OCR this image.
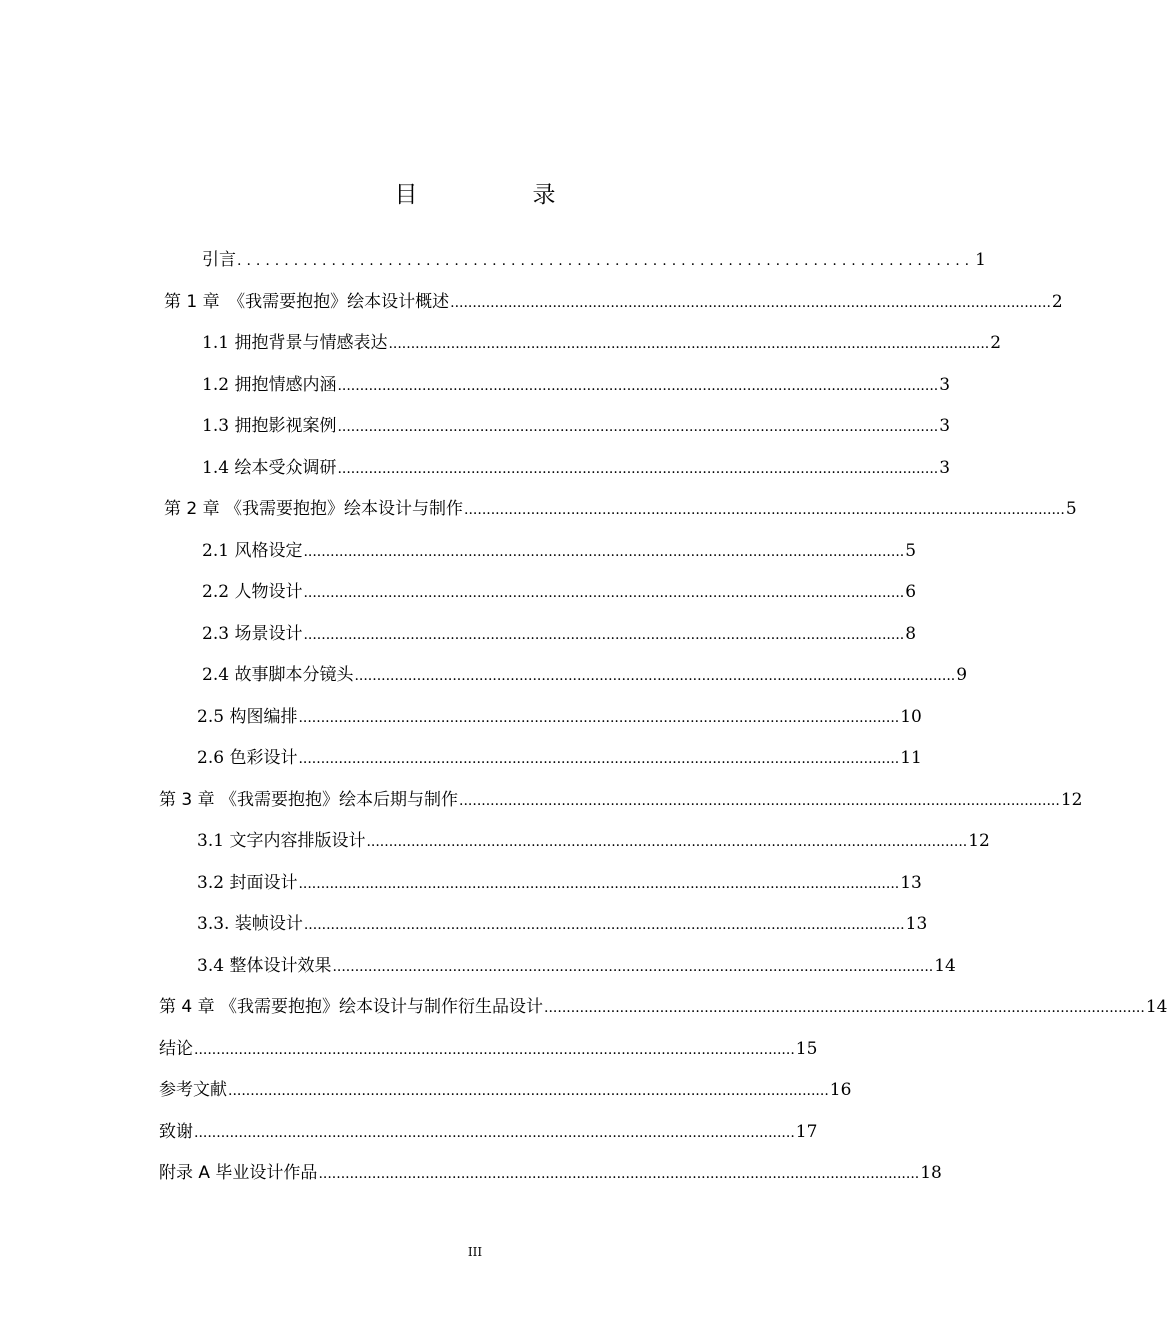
目　录
引言 .............................................................................. 1
第 1 章　《我需要抱抱》绘本设计概述 ....................................................................................................................................... 2
1.1 拥抱背景与情感表达 ....................................................................................................................................... 2
1.2 拥抱情感内涵 ....................................................................................................................................... 3
1.3 拥抱影视案例 ....................................................................................................................................... 3
1.4 绘本受众调研 ....................................................................................................................................... 3
第 2 章 《我需要抱抱》绘本设计与制作 ....................................................................................................................................... 5
2.1 风格设定 ....................................................................................................................................... 5
2.2 人物设计 ....................................................................................................................................... 6
2.3 场景设计 ....................................................................................................................................... 8
2.4 故事脚本分镜头 ....................................................................................................................................... 9
2.5 构图编排 ....................................................................................................................................... 10
2.6 色彩设计 ....................................................................................................................................... 11
第 3 章 《我需要抱抱》绘本后期与制作 ....................................................................................................................................... 12
3.1 文字内容排版设计 ....................................................................................................................................... 12
3.2 封面设计 ....................................................................................................................................... 13
3.3. 装帧设计 ....................................................................................................................................... 13
3.4 整体设计效果 ....................................................................................................................................... 14
第 4 章 《我需要抱抱》绘本设计与制作衍生品设计 ....................................................................................................................................... 14
结论 ....................................................................................................................................... 15
参考文献 ....................................................................................................................................... 16
致谢 ....................................................................................................................................... 17
附录 A 毕业设计作品 ....................................................................................................................................... 18
III
